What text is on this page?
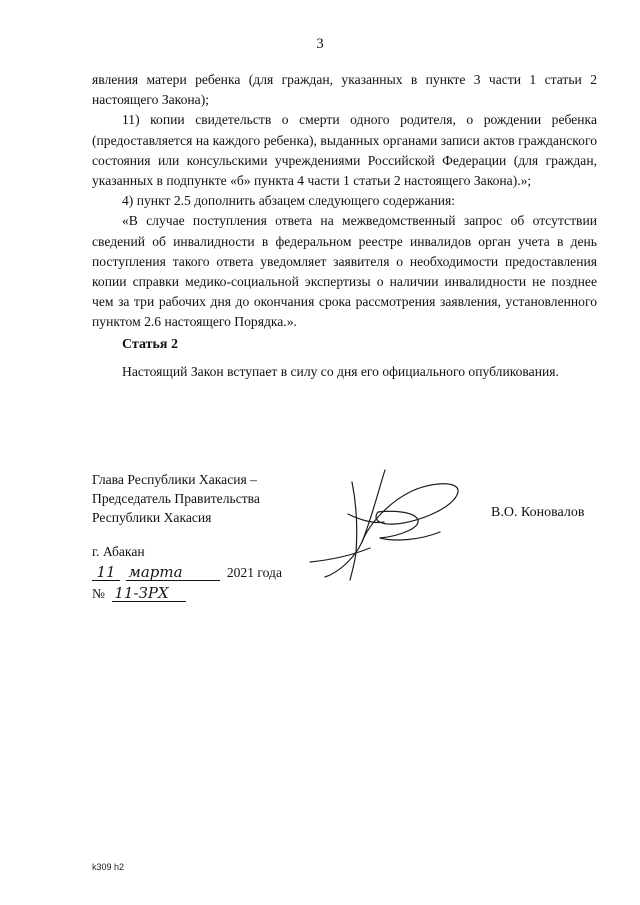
3

явления матери ребенка (для граждан, указанных в пункте 3 части 1 статьи 2 настоящего Закона);

11) копии свидетельств о смерти одного родителя, о рождении ребенка (предоставляется на каждого ребенка), выданных органами записи актов гражданского состояния или консульскими учреждениями Российской Федерации (для граждан, указанных в подпункте «б» пункта 4 части 1 статьи 2 настоящего Закона).»;

4) пункт 2.5 дополнить абзацем следующего содержания:

«В случае поступления ответа на межведомственный запрос об отсутствии сведений об инвалидности в федеральном реестре инвалидов орган учета в день поступления такого ответа уведомляет заявителя о необходимости предоставления копии справки медико-социальной экспертизы о наличии инвалидности не позднее чем за три рабочих дня до окончания срока рассмотрения заявления, установленного пунктом 2.6 настоящего Порядка.».

Статья 2
Настоящий Закон вступает в силу со дня его официального опубликования.
Глава Республики Хакасия –
Председатель Правительства
Республики Хакасия	В.О. Коновалов
г. Абакан
11 марта	2021 года
№ 11-ЗРХ
k309 h2
